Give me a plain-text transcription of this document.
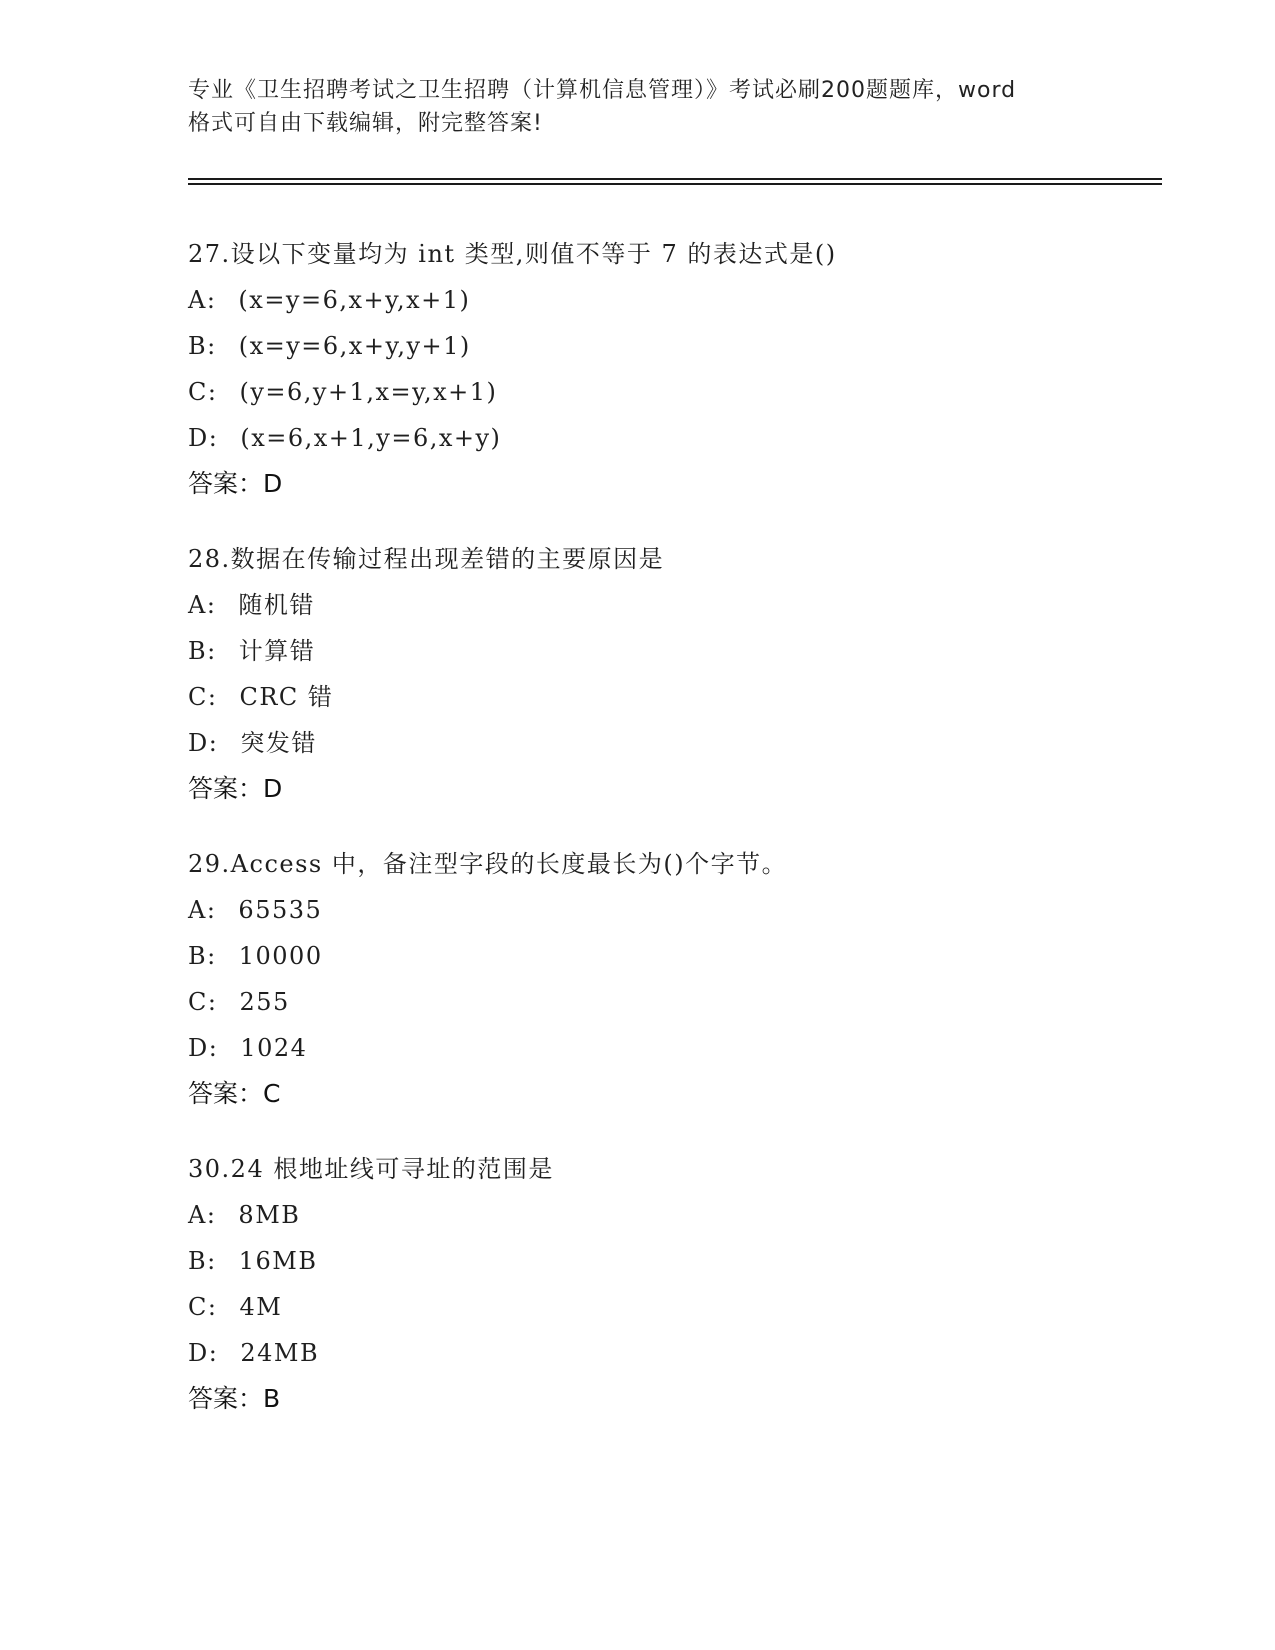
专业《卫生招聘考试之卫生招聘（计算机信息管理）》考试必刷200题题库，word
格式可自由下载编辑，附完整答案!
27.设以下变量均为 int 类型,则值不等于 7 的表达式是()
A: (x=y=6,x+y,x+1)
B: (x=y=6,x+y,y+1)
C: (y=6,y+1,x=y,x+1)
D: (x=6,x+1,y=6,x+y)
答案：D
28.数据在传输过程出现差错的主要原因是
A: 随机错
B: 计算错
C: CRC 错
D: 突发错
答案：D
29.Access 中，备注型字段的长度最长为()个字节。
A: 65535
B: 10000
C: 255
D: 1024
答案：C
30.24 根地址线可寻址的范围是
A: 8MB
B: 16MB
C: 4M
D: 24MB
答案：B
